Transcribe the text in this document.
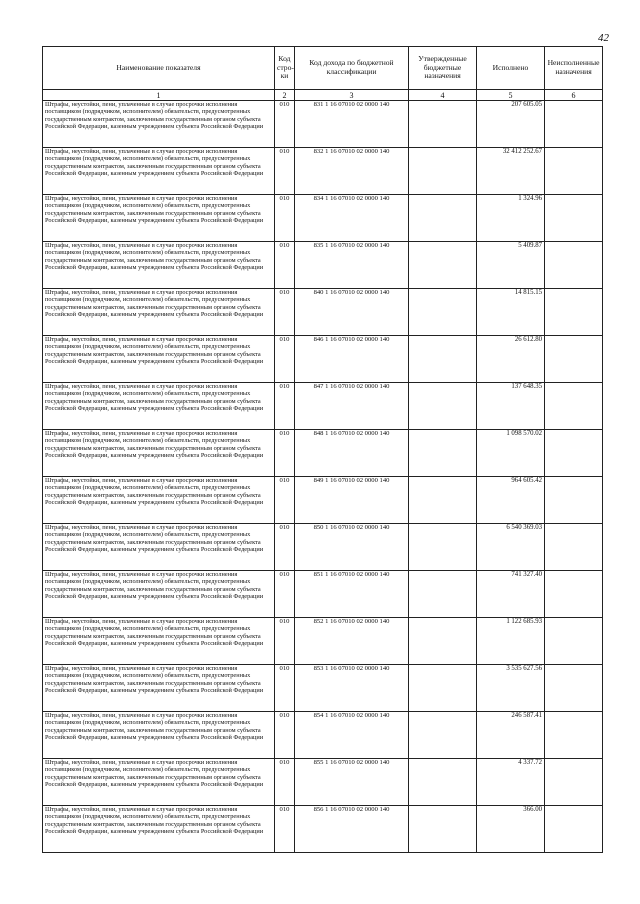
42
Наименование показателя	Код стро-ки	Код дохода по бюджетной классификации	Утвержденные бюджетные назначения	Исполнено	Неисполненные назначения
1	2	3	4	5	6
Штрафы, неустойки, пени, уплаченные в случае просрочки исполнения поставщиком (подрядчиком, исполнителем) обязательств, предусмотренных государственным контрактом, заключенным государственным органом субъекта Российской Федерации, казенным учреждением субъекта Российской Федерации	010	831 1 16 07010 02 0000 140		207 605.05	
Штрафы, неустойки, пени, уплаченные в случае просрочки исполнения поставщиком (подрядчиком, исполнителем) обязательств, предусмотренных государственным контрактом, заключенным государственным органом субъекта Российской Федерации, казенным учреждением субъекта Российской Федерации	010	832 1 16 07010 02 0000 140		32 412 252.67	
Штрафы, неустойки, пени, уплаченные в случае просрочки исполнения поставщиком (подрядчиком, исполнителем) обязательств, предусмотренных государственным контрактом, заключенным государственным органом субъекта Российской Федерации, казенным учреждением субъекта Российской Федерации	010	834 1 16 07010 02 0000 140		1 324.96	
Штрафы, неустойки, пени, уплаченные в случае просрочки исполнения поставщиком (подрядчиком, исполнителем) обязательств, предусмотренных государственным контрактом, заключенным государственным органом субъекта Российской Федерации, казенным учреждением субъекта Российской Федерации	010	835 1 16 07010 02 0000 140		5 409.87	
Штрафы, неустойки, пени, уплаченные в случае просрочки исполнения поставщиком (подрядчиком, исполнителем) обязательств, предусмотренных государственным контрактом, заключенным государственным органом субъекта Российской Федерации, казенным учреждением субъекта Российской Федерации	010	840 1 16 07010 02 0000 140		14 815.15	
Штрафы, неустойки, пени, уплаченные в случае просрочки исполнения поставщиком (подрядчиком, исполнителем) обязательств, предусмотренных государственным контрактом, заключенным государственным органом субъекта Российской Федерации, казенным учреждением субъекта Российской Федерации	010	846 1 16 07010 02 0000 140		26 612.80	
Штрафы, неустойки, пени, уплаченные в случае просрочки исполнения поставщиком (подрядчиком, исполнителем) обязательств, предусмотренных государственным контрактом, заключенным государственным органом субъекта Российской Федерации, казенным учреждением субъекта Российской Федерации	010	847 1 16 07010 02 0000 140		137 648.35	
Штрафы, неустойки, пени, уплаченные в случае просрочки исполнения поставщиком (подрядчиком, исполнителем) обязательств, предусмотренных государственным контрактом, заключенным государственным органом субъекта Российской Федерации, казенным учреждением субъекта Российской Федерации	010	848 1 16 07010 02 0000 140		1 098 570.02	
Штрафы, неустойки, пени, уплаченные в случае просрочки исполнения поставщиком (подрядчиком, исполнителем) обязательств, предусмотренных государственным контрактом, заключенным государственным органом субъекта Российской Федерации, казенным учреждением субъекта Российской Федерации	010	849 1 16 07010 02 0000 140		964 605.42	
Штрафы, неустойки, пени, уплаченные в случае просрочки исполнения поставщиком (подрядчиком, исполнителем) обязательств, предусмотренных государственным контрактом, заключенным государственным органом субъекта Российской Федерации, казенным учреждением субъекта Российской Федерации	010	850 1 16 07010 02 0000 140		6 540 369.03	
Штрафы, неустойки, пени, уплаченные в случае просрочки исполнения поставщиком (подрядчиком, исполнителем) обязательств, предусмотренных государственным контрактом, заключенным государственным органом субъекта Российской Федерации, казенным учреждением субъекта Российской Федерации	010	851 1 16 07010 02 0000 140		741 327.40	
Штрафы, неустойки, пени, уплаченные в случае просрочки исполнения поставщиком (подрядчиком, исполнителем) обязательств, предусмотренных государственным контрактом, заключенным государственным органом субъекта Российской Федерации, казенным учреждением субъекта Российской Федерации	010	852 1 16 07010 02 0000 140		1 122 685.93	
Штрафы, неустойки, пени, уплаченные в случае просрочки исполнения поставщиком (подрядчиком, исполнителем) обязательств, предусмотренных государственным контрактом, заключенным государственным органом субъекта Российской Федерации, казенным учреждением субъекта Российской Федерации	010	853 1 16 07010 02 0000 140		3 535 627.56	
Штрафы, неустойки, пени, уплаченные в случае просрочки исполнения поставщиком (подрядчиком, исполнителем) обязательств, предусмотренных государственным контрактом, заключенным государственным органом субъекта Российской Федерации, казенным учреждением субъекта Российской Федерации	010	854 1 16 07010 02 0000 140		246 587.41	
Штрафы, неустойки, пени, уплаченные в случае просрочки исполнения поставщиком (подрядчиком, исполнителем) обязательств, предусмотренных государственным контрактом, заключенным государственным органом субъекта Российской Федерации, казенным учреждением субъекта Российской Федерации	010	855 1 16 07010 02 0000 140		4 337.72	
Штрафы, неустойки, пени, уплаченные в случае просрочки исполнения поставщиком (подрядчиком, исполнителем) обязательств, предусмотренных государственным контрактом, заключенным государственным органом субъекта Российской Федерации, казенным учреждением субъекта Российской Федерации	010	856 1 16 07010 02 0000 140		366.00	
